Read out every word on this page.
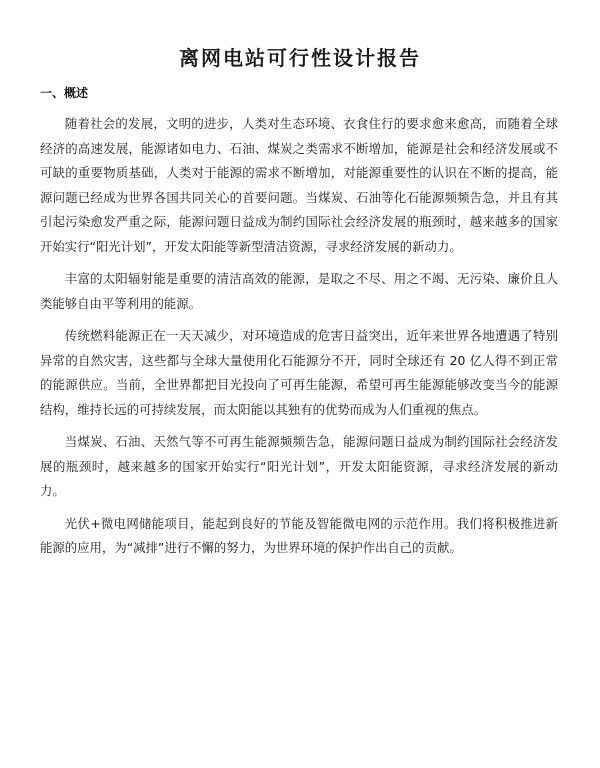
离网电站可行性设计报告
一、概述

随着社会的发展，文明的进步，人类对生态环境、衣食住行的要求愈来愈高，而随着全球经济的高速发展，能源诸如电力、石油、煤炭之类需求不断增加，能源是社会和经济发展或不可缺的重要物质基础，人类对于能源的需求不断增加，对能源重要性的认识在不断的提高，能源问题已经成为世界各国共同关心的首要问题。当煤炭、石油等化石能源频频告急，并且有其引起污染愈发严重之际，能源问题日益成为制约国际社会经济发展的瓶颈时，越来越多的国家开始实行“阳光计划”，开发太阳能等新型清洁资源，寻求经济发展的新动力。

丰富的太阳辐射能是重要的清洁高效的能源，是取之不尽、用之不竭、无污染、廉价且人类能够自由平等利用的能源。

传统燃料能源正在一天天减少，对环境造成的危害日益突出，近年来世界各地遭遇了特别异常的自然灾害，这些都与全球大量使用化石能源分不开，同时全球还有 20 亿人得不到正常的能源供应。当前，全世界都把目光投向了可再生能源，希望可再生能源能够改变当今的能源结构，维持长远的可持续发展，而太阳能以其独有的优势而成为人们重视的焦点。

当煤炭、石油、天然气等不可再生能源频频告急，能源问题日益成为制约国际社会经济发展的瓶颈时，越来越多的国家开始实行“阳光计划”，开发太阳能资源，寻求经济发展的新动力。

光伏+微电网储能项目，能起到良好的节能及智能微电网的示范作用。我们将积极推进新能源的应用，为“减排”进行不懈的努力，为世界环境的保护作出自己的贡献。
